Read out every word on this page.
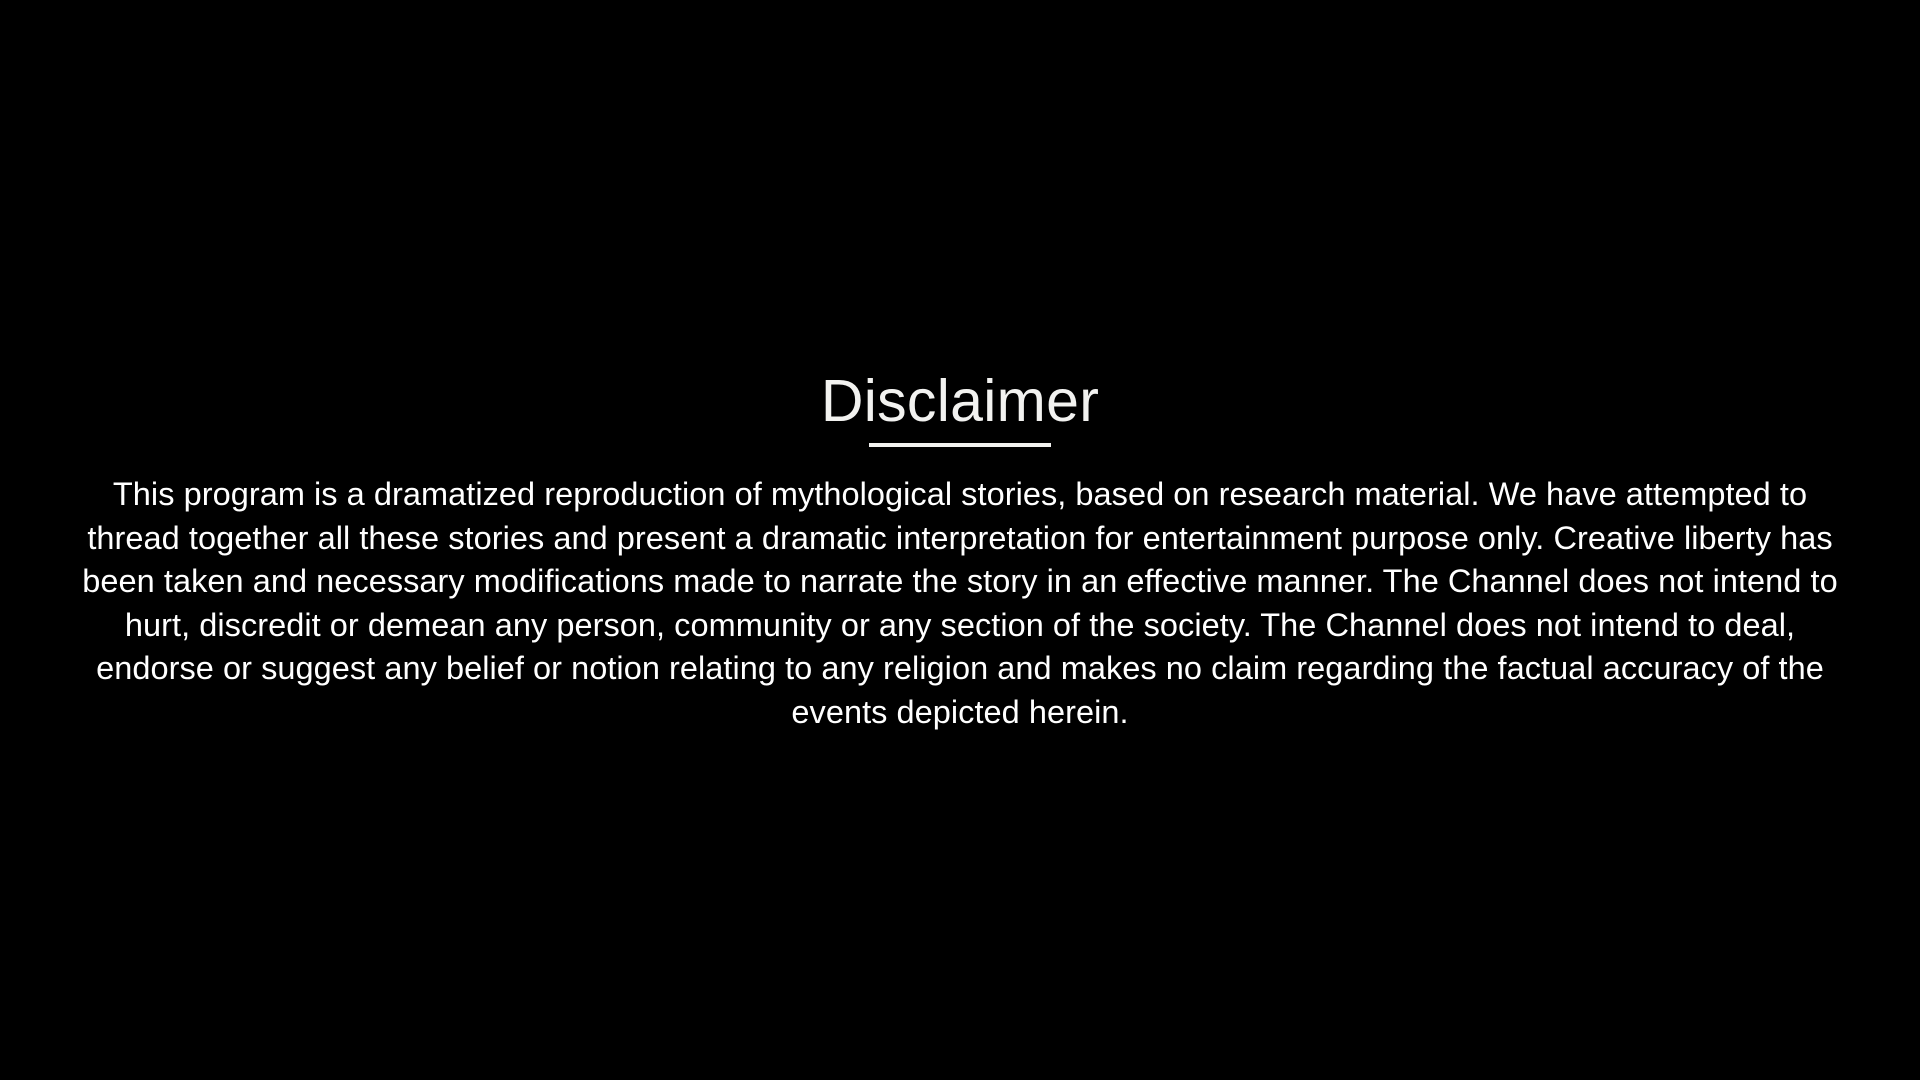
Disclaimer
This program is a dramatized reproduction of mythological stories, based on research material. We have attempted to thread together all these stories and present a dramatic interpretation for entertainment purpose only. Creative liberty has been taken and necessary modifications made to narrate the story in an effective manner. The Channel does not intend to hurt, discredit or demean any person, community or any section of the society. The Channel does not intend to deal, endorse or suggest any belief or notion relating to any religion and makes no claim regarding the factual accuracy of the events depicted herein.
